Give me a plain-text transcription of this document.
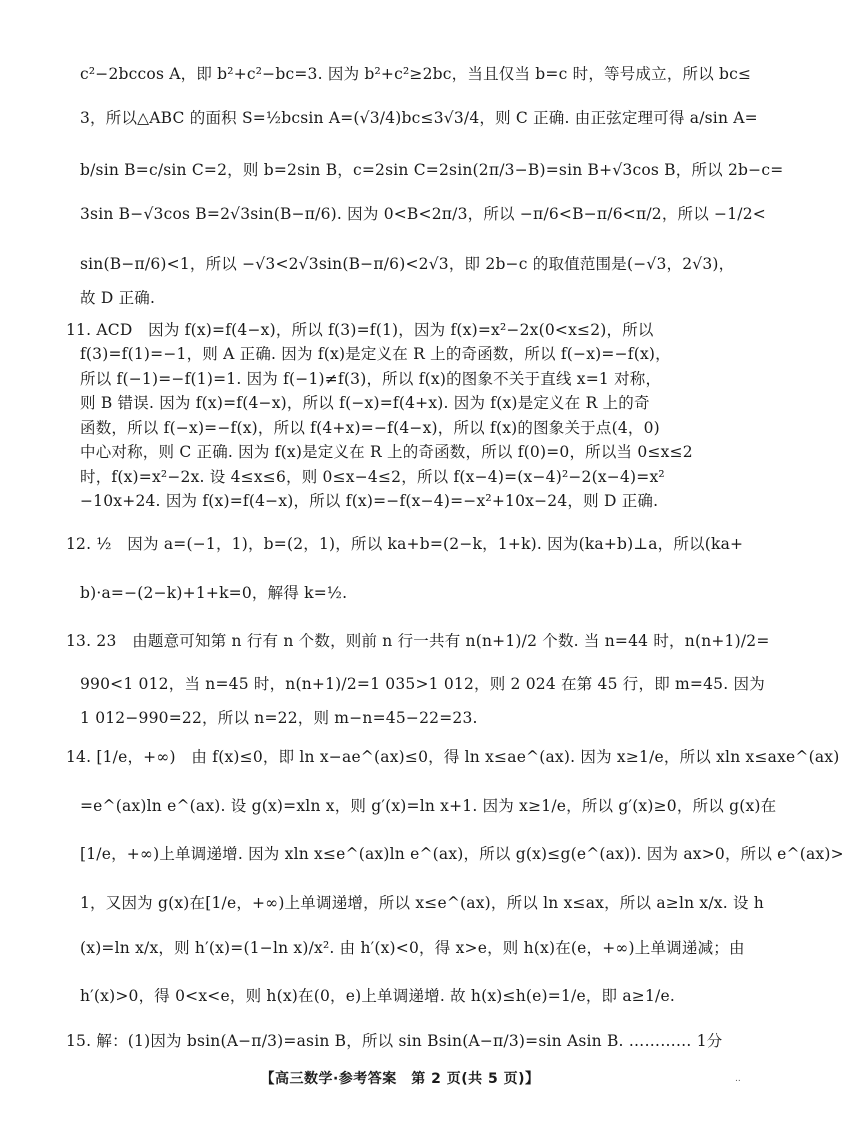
c²−2bccos A，即 b²+c²−bc=3. 因为 b²+c²≥2bc，当且仅当 b=c 时，等号成立，所以 bc≤
3，所以△ABC 的面积 S=½bcsin A=(√3/4)bc≤3√3/4，则 C 正确. 由正弦定理可得 a/sin A=
b/sin B=c/sin C=2，则 b=2sin B，c=2sin C=2sin(2π/3−B)=sin B+√3cos B，所以 2b−c=
3sin B−√3cos B=2√3sin(B−π/6). 因为 0<B<2π/3，所以 −π/6<B−π/6<π/2，所以 −1/2<
sin(B−π/6)<1，所以 −√3<2√3sin(B−π/6)<2√3，即 2b−c 的取值范围是(−√3，2√3)，
故 D 正确.
11. ACD　因为 f(x)=f(4−x)，所以 f(3)=f(1)，因为 f(x)=x²−2x(0<x≤2)，所以
f(3)=f(1)=−1，则 A 正确. 因为 f(x)是定义在 R 上的奇函数，所以 f(−x)=−f(x)，
所以 f(−1)=−f(1)=1. 因为 f(−1)≠f(3)，所以 f(x)的图象不关于直线 x=1 对称，
则 B 错误. 因为 f(x)=f(4−x)，所以 f(−x)=f(4+x). 因为 f(x)是定义在 R 上的奇
函数，所以 f(−x)=−f(x)，所以 f(4+x)=−f(4−x)，所以 f(x)的图象关于点(4，0)
中心对称，则 C 正确. 因为 f(x)是定义在 R 上的奇函数，所以 f(0)=0，所以当 0≤x≤2
时，f(x)=x²−2x. 设 4≤x≤6，则 0≤x−4≤2，所以 f(x−4)=(x−4)²−2(x−4)=x²
−10x+24. 因为 f(x)=f(4−x)，所以 f(x)=−f(x−4)=−x²+10x−24，则 D 正确.
12. ½　因为 a=(−1，1)，b=(2，1)，所以 ka+b=(2−k，1+k). 因为(ka+b)⊥a，所以(ka+
b)·a=−(2−k)+1+k=0，解得 k=½.
13. 23　由题意可知第 n 行有 n 个数，则前 n 行一共有 n(n+1)/2 个数. 当 n=44 时，n(n+1)/2=
990<1 012，当 n=45 时，n(n+1)/2=1 035>1 012，则 2 024 在第 45 行，即 m=45. 因为
1 012−990=22，所以 n=22，则 m−n=45−22=23.
14. [1/e，+∞)　由 f(x)≤0，即 ln x−ae^(ax)≤0，得 ln x≤ae^(ax). 因为 x≥1/e，所以 xln x≤axe^(ax)
=e^(ax)ln e^(ax). 设 g(x)=xln x，则 g′(x)=ln x+1. 因为 x≥1/e，所以 g′(x)≥0，所以 g(x)在
[1/e，+∞)上单调递增. 因为 xln x≤e^(ax)ln e^(ax)，所以 g(x)≤g(e^(ax)). 因为 ax>0，所以 e^(ax)>
1，又因为 g(x)在[1/e，+∞)上单调递增，所以 x≤e^(ax)，所以 ln x≤ax，所以 a≥ln x/x. 设 h
(x)=ln x/x，则 h′(x)=(1−ln x)/x². 由 h′(x)<0，得 x>e，则 h(x)在(e，+∞)上单调递减；由
h′(x)>0，得 0<x<e，则 h(x)在(0，e)上单调递增. 故 h(x)≤h(e)=1/e，即 a≥1/e.
15. 解：(1)因为 bsin(A−π/3)=asin B，所以 sin Bsin(A−π/3)=sin Asin B. ………… 1分
【高三数学·参考答案　第 2 页(共 5 页)】	..
